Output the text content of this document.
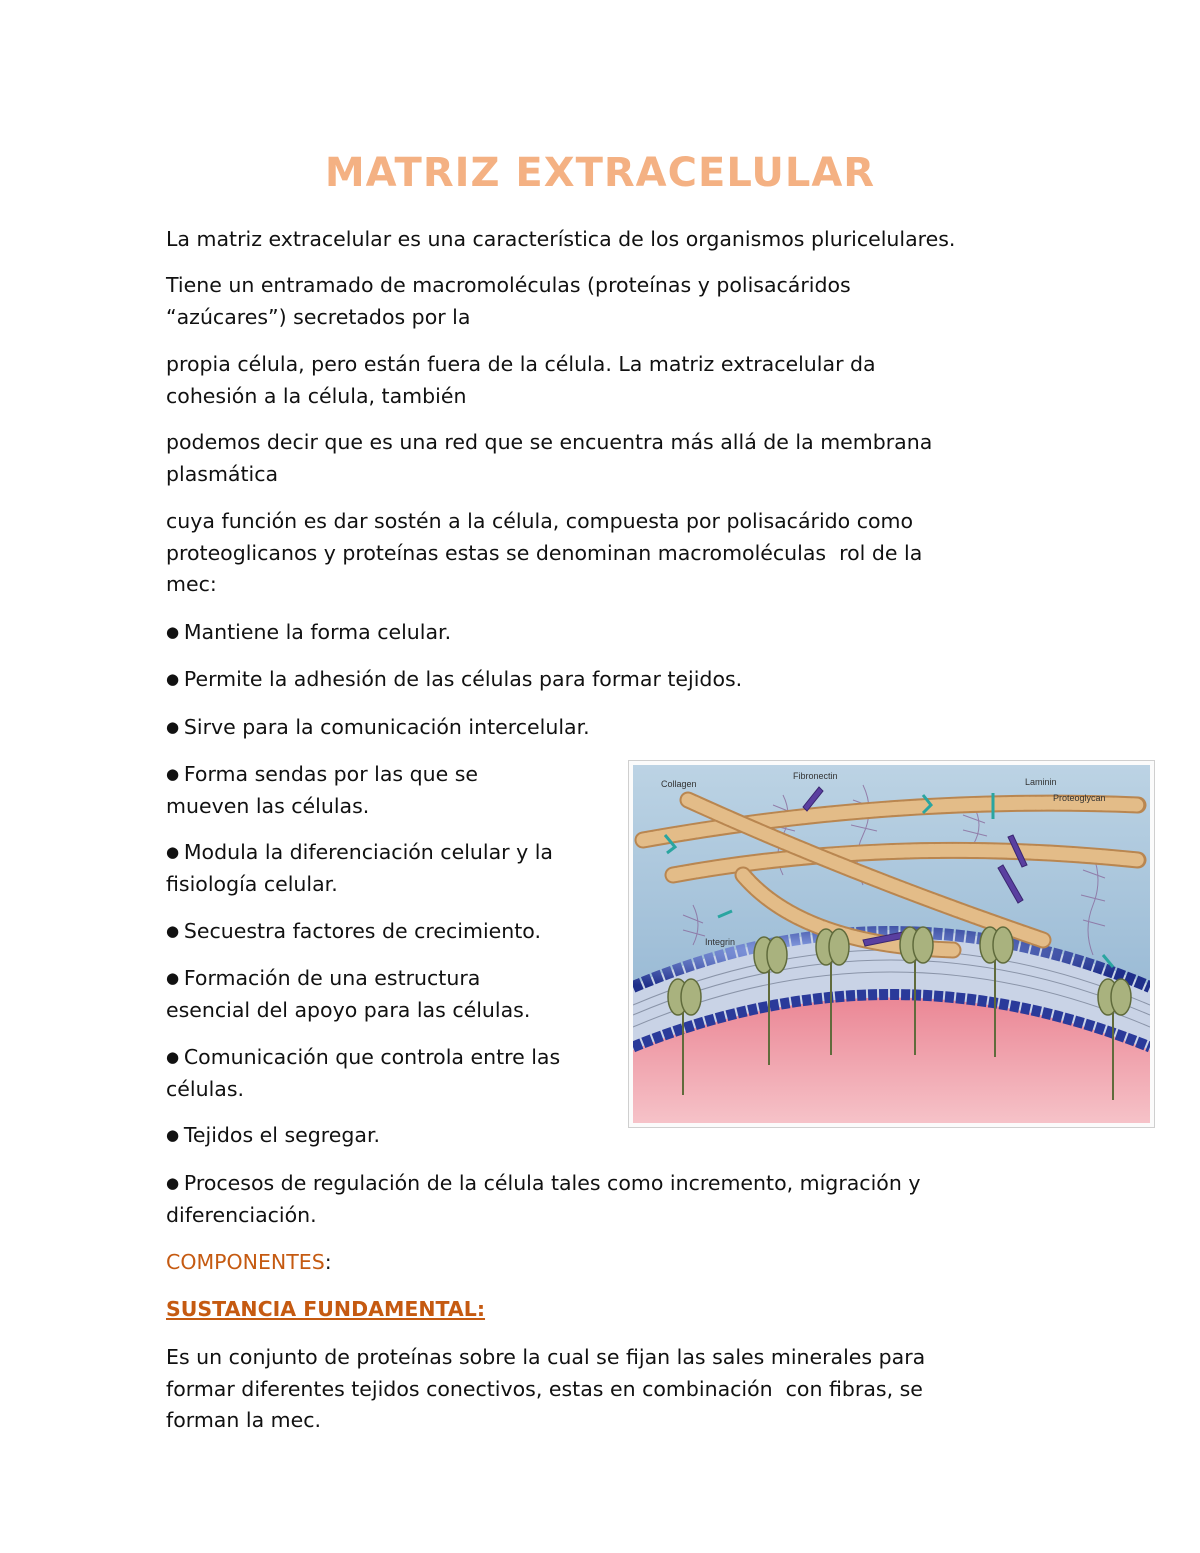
MATRIZ EXTRACELULAR

La matriz extracelular es una característica de los organismos pluricelulares.

Tiene un entramado de macromoléculas (proteínas y polisacáridos
“azúcares”) secretados por la

propia célula, pero están fuera de la célula. La matriz extracelular da
cohesión a la célula, también

podemos decir que es una red que se encuentra más allá de la membrana
plasmática

cuya función es dar sostén a la célula, compuesta por polisacárido como
proteoglicanos y proteínas estas se denominan macromoléculas  rol de la
mec:

● Mantiene la forma celular.

● Permite la adhesión de las células para formar tejidos.

● Sirve para la comunicación intercelular.

● Forma sendas por las que se
mueven las células.

● Modula la diferenciación celular y la
fisiología celular.

● Secuestra factores de crecimiento.

● Formación de una estructura
esencial del apoyo para las células.

● Comunicación que controla entre las
células.

● Tejidos el segregar.

● Procesos de regulación de la célula tales como incremento, migración y
diferenciación.

COMPONENTES:

SUSTANCIA FUNDAMENTAL:

Es un conjunto de proteínas sobre la cual se fijan las sales minerales para
formar diferentes tejidos conectivos, estas en combinación  con fibras, se
forman la mec.

Collagen
Fibronectin
Laminin
Proteoglycan
Integrin
